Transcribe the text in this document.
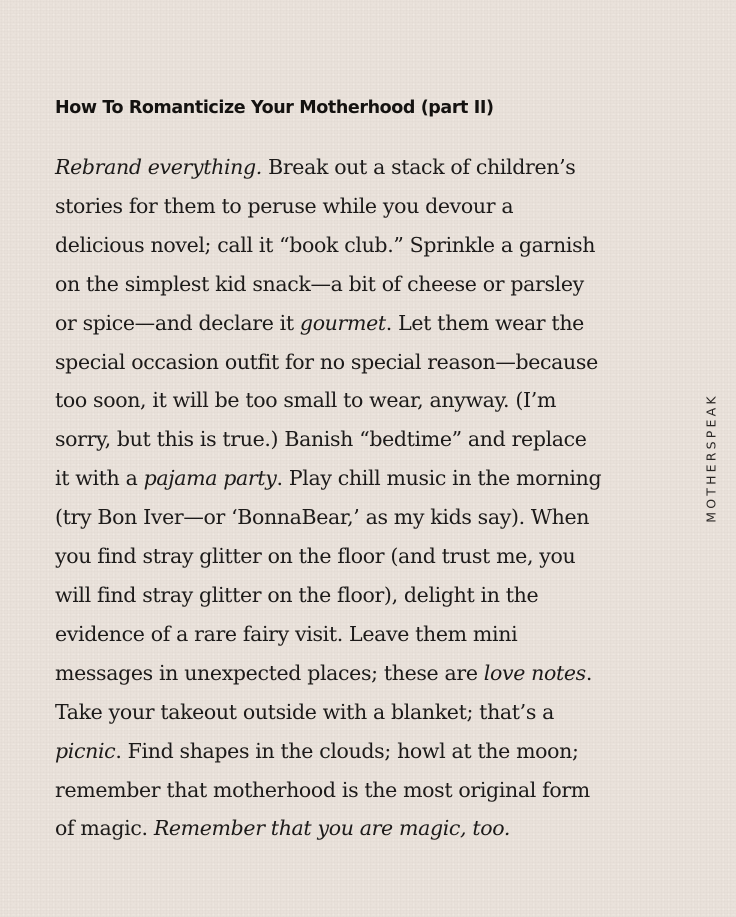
How To Romanticize Your Motherhood (part II)
Rebrand everything. Break out a stack of children’s
stories for them to peruse while you devour a
delicious novel; call it “book club.” Sprinkle a garnish
on the simplest kid snack—a bit of cheese or parsley
or spice—and declare it gourmet. Let them wear the
special occasion outfit for no special reason—because
too soon, it will be too small to wear, anyway. (I’m
sorry, but this is true.) Banish “bedtime” and replace
it with a pajama party. Play chill music in the morning
(try Bon Iver—or ‘BonnaBear,’ as my kids say). When
you find stray glitter on the floor (and trust me, you
will find stray glitter on the floor), delight in the
evidence of a rare fairy visit. Leave them mini
messages in unexpected places; these are love notes.
Take your takeout outside with a blanket; that’s a
picnic. Find shapes in the clouds; howl at the moon;
remember that motherhood is the most original form
of magic. Remember that you are magic, too.
MOTHERSPEAK
